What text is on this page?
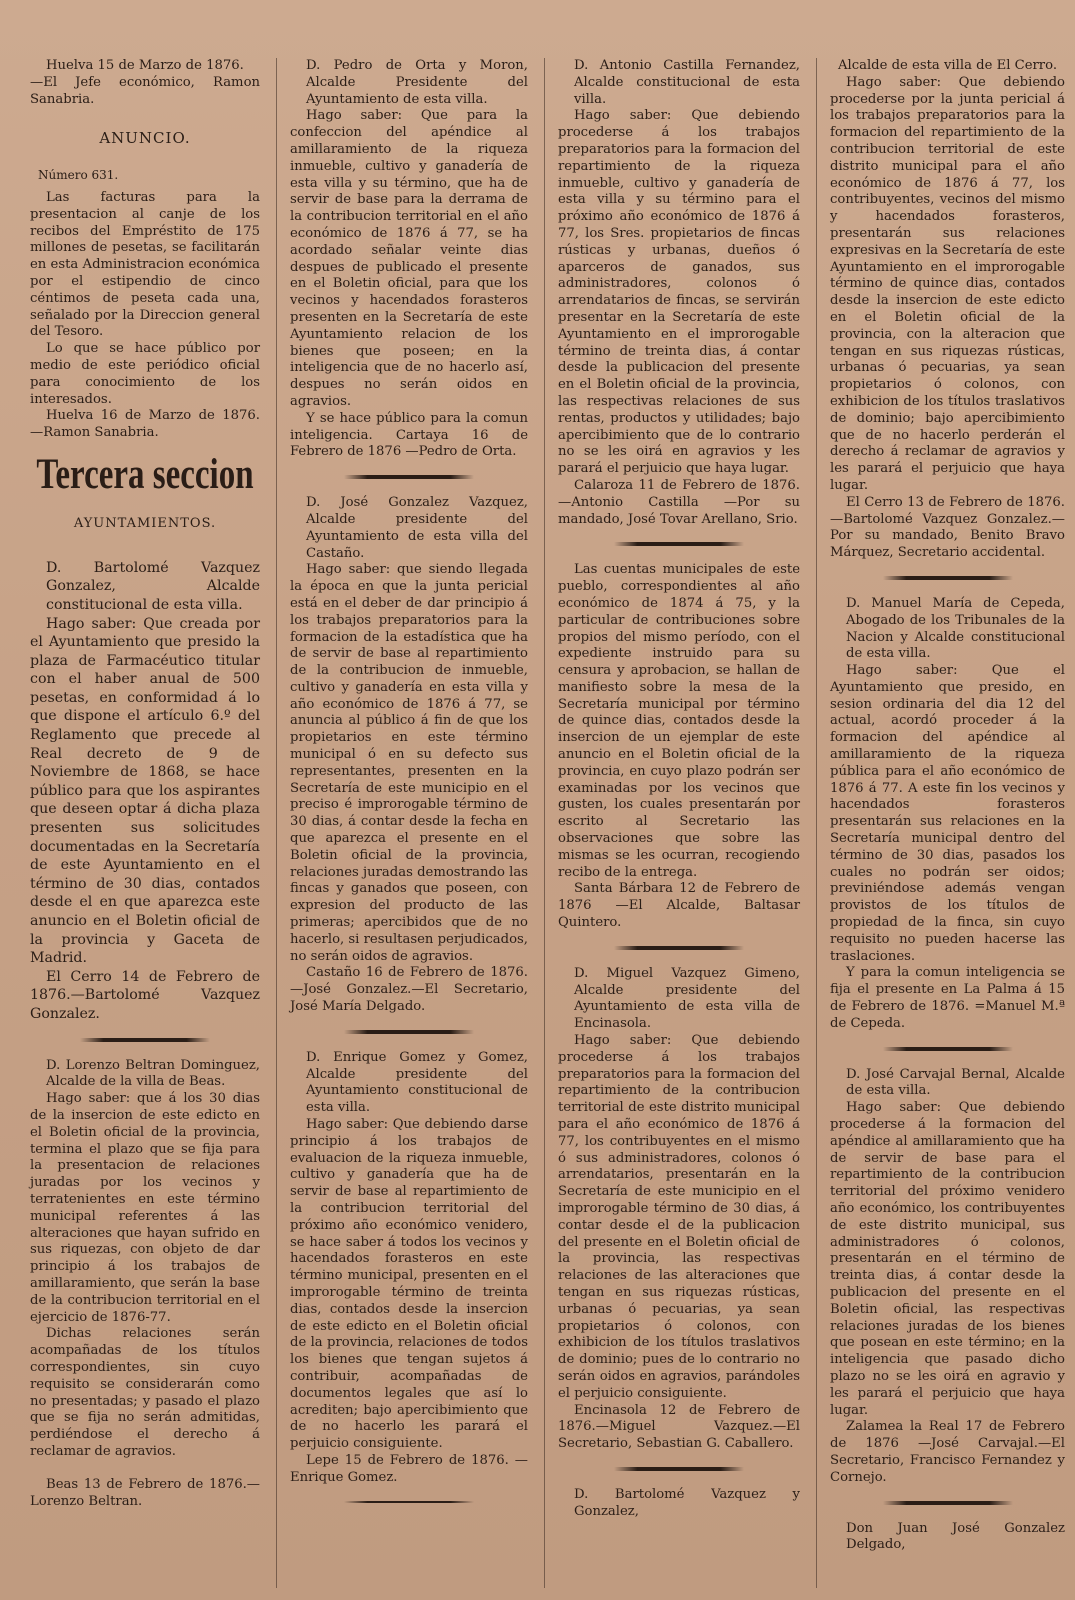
Huelva 15 de Marzo de 1876.

—El Jefe económico, Ramon Sanabria.

ANUNCIO.
Número 631.

Las facturas para la presentacion al canje de los recibos del Empréstito de 175 millones de pesetas, se facilitarán en esta Administracion económica por el estipendio de cinco céntimos de peseta cada una, señalado por la Direccion general del Tesoro.

Lo que se hace público por medio de este periódico oficial para conocimiento de los interesados.

Huelva 16 de Marzo de 1876. —Ramon Sanabria.

Tercera seccion
AYUNTAMIENTOS.

D. Bartolomé Vazquez Gonzalez, Alcalde constitucional de esta villa.

Hago saber: Que creada por el Ayuntamiento que presido la plaza de Farmacéutico titular con el haber anual de 500 pesetas, en conformidad á lo que dispone el artículo 6.º del Reglamento que precede al Real decreto de 9 de Noviembre de 1868, se hace público para que los aspirantes que deseen optar á dicha plaza presenten sus solicitudes documentadas en la Secretaría de este Ayuntamiento en el término de 30 dias, contados desde el en que aparezca este anuncio en el Boletin oficial de la provincia y Gaceta de Madrid.

El Cerro 14 de Febrero de 1876.—Bartolomé Vazquez Gonzalez.

D. Lorenzo Beltran Dominguez, Alcalde de la villa de Beas.

Hago saber: que á los 30 dias de la insercion de este edicto en el Boletin oficial de la provincia, termina el plazo que se fija para la presentacion de relaciones juradas por los vecinos y terratenientes en este término municipal referentes á las alteraciones que hayan sufrido en sus riquezas, con objeto de dar principio á los trabajos de amillaramiento, que serán la base de la contribucion territorial en el ejercicio de 1876-77.

Dichas relaciones serán acompañadas de los títulos correspondientes, sin cuyo requisito se considerarán como no presentadas; y pasado el plazo que se fija no serán admitidas, perdiéndose el derecho á reclamar de agravios.

Beas 13 de Febrero de 1876.— Lorenzo Beltran.

D. Pedro de Orta y Moron, Alcalde Presidente del Ayuntamiento de esta villa.

Hago saber: Que para la confeccion del apéndice al amillaramiento de la riqueza inmueble, cultivo y ganadería de esta villa y su término, que ha de servir de base para la derrama de la contribucion territorial en el año económico de 1876 á 77, se ha acordado señalar veinte dias despues de publicado el presente en el Boletin oficial, para que los vecinos y hacendados forasteros presenten en la Secretaría de este Ayuntamiento relacion de los bienes que poseen; en la inteligencia que de no hacerlo así, despues no serán oidos en agravios.

Y se hace público para la comun inteligencia. Cartaya 16 de Febrero de 1876 —Pedro de Orta.

D. José Gonzalez Vazquez, Alcalde presidente del Ayuntamiento de esta villa del Castaño.

Hago saber: que siendo llegada la época en que la junta pericial está en el deber de dar principio á los trabajos preparatorios para la formacion de la estadística que ha de servir de base al repartimiento de la contribucion de inmueble, cultivo y ganadería en esta villa y año económico de 1876 á 77, se anuncia al público á fin de que los propietarios en este término municipal ó en su defecto sus representantes, presenten en la Secretaría de este municipio en el preciso é improrogable término de 30 dias, á contar desde la fecha en que aparezca el presente en el Boletin oficial de la provincia, relaciones juradas demostrando las fincas y ganados que poseen, con expresion del producto de las primeras; apercibidos que de no hacerlo, si resultasen perjudicados, no serán oidos de agravios.

Castaño 16 de Febrero de 1876. —José Gonzalez.—El Secretario, José María Delgado.

D. Enrique Gomez y Gomez, Alcalde presidente del Ayuntamiento constitucional de esta villa.

Hago saber: Que debiendo darse principio á los trabajos de evaluacion de la riqueza inmueble, cultivo y ganadería que ha de servir de base al repartimiento de la contribucion territorial del próximo año económico venidero, se hace saber á todos los vecinos y hacendados forasteros en este término municipal, presenten en el improrogable término de treinta dias, contados desde la insercion de este edicto en el Boletin oficial de la provincia, relaciones de todos los bienes que tengan sujetos á contribuir, acompañadas de documentos legales que así lo acrediten; bajo apercibimiento que de no hacerlo les parará el perjuicio consiguiente.

Lepe 15 de Febrero de 1876. — Enrique Gomez.

D. Antonio Castilla Fernandez, Alcalde constitucional de esta villa.

Hago saber: Que debiendo procederse á los trabajos preparatorios para la formacion del repartimiento de la riqueza inmueble, cultivo y ganadería de esta villa y su término para el próximo año económico de 1876 á 77, los Sres. propietarios de fincas rústicas y urbanas, dueños ó aparceros de ganados, sus administradores, colonos ó arrendatarios de fincas, se servirán presentar en la Secretaría de este Ayuntamiento en el improrogable término de treinta dias, á contar desde la publicacion del presente en el Boletin oficial de la provincia, las respectivas relaciones de sus rentas, productos y utilidades; bajo apercibimiento que de lo contrario no se les oirá en agravios y les parará el perjuicio que haya lugar.

Calaroza 11 de Febrero de 1876. —Antonio Castilla —Por su mandado, José Tovar Arellano, Srio.

Las cuentas municipales de este pueblo, correspondientes al año económico de 1874 á 75, y la particular de contribuciones sobre propios del mismo período, con el expediente instruido para su censura y aprobacion, se hallan de manifiesto sobre la mesa de la Secretaría municipal por término de quince dias, contados desde la insercion de un ejemplar de este anuncio en el Boletin oficial de la provincia, en cuyo plazo podrán ser examinadas por los vecinos que gusten, los cuales presentarán por escrito al Secretario las observaciones que sobre las mismas se les ocurran, recogiendo recibo de la entrega.

Santa Bárbara 12 de Febrero de 1876 —El Alcalde, Baltasar Quintero.

D. Miguel Vazquez Gimeno, Alcalde presidente del Ayuntamiento de esta villa de Encinasola.

Hago saber: Que debiendo procederse á los trabajos preparatorios para la formacion del repartimiento de la contribucion territorial de este distrito municipal para el año económico de 1876 á 77, los contribuyentes en el mismo ó sus administradores, colonos ó arrendatarios, presentarán en la Secretaría de este municipio en el improrogable término de 30 dias, á contar desde el de la publicacion del presente en el Boletin oficial de la provincia, las respectivas relaciones de las alteraciones que tengan en sus riquezas rústicas, urbanas ó pecuarias, ya sean propietarios ó colonos, con exhibicion de los títulos traslativos de dominio; pues de lo contrario no serán oidos en agravios, parándoles el perjuicio consiguiente.

Encinasola 12 de Febrero de 1876.—Miguel Vazquez.—El Secretario, Sebastian G. Caballero.

D. Bartolomé Vazquez y Gonzalez,

Alcalde de esta villa de El Cerro.

Hago saber: Que debiendo procederse por la junta pericial á los trabajos preparatorios para la formacion del repartimiento de la contribucion territorial de este distrito municipal para el año económico de 1876 á 77, los contribuyentes, vecinos del mismo y hacendados forasteros, presentarán sus relaciones expresivas en la Secretaría de este Ayuntamiento en el improrogable término de quince dias, contados desde la insercion de este edicto en el Boletin oficial de la provincia, con la alteracion que tengan en sus riquezas rústicas, urbanas ó pecuarias, ya sean propietarios ó colonos, con exhibicion de los títulos traslativos de dominio; bajo apercibimiento que de no hacerlo perderán el derecho á reclamar de agravios y les parará el perjuicio que haya lugar.

El Cerro 13 de Febrero de 1876. —Bartolomé Vazquez Gonzalez.— Por su mandado, Benito Bravo Márquez, Secretario accidental.

D. Manuel María de Cepeda, Abogado de los Tribunales de la Nacion y Alcalde constitucional de esta villa.

Hago saber: Que el Ayuntamiento que presido, en sesion ordinaria del dia 12 del actual, acordó proceder á la formacion del apéndice al amillaramiento de la riqueza pública para el año económico de 1876 á 77. A este fin los vecinos y hacendados forasteros presentarán sus relaciones en la Secretaría municipal dentro del término de 30 dias, pasados los cuales no podrán ser oidos; previniéndose además vengan provistos de los títulos de propiedad de la finca, sin cuyo requisito no pueden hacerse las traslaciones.

Y para la comun inteligencia se fija el presente en La Palma á 15 de Febrero de 1876. =Manuel M.ª de Cepeda.

D. José Carvajal Bernal, Alcalde de esta villa.

Hago saber: Que debiendo procederse á la formacion del apéndice al amillaramiento que ha de servir de base para el repartimiento de la contribucion territorial del próximo venidero año económico, los contribuyentes de este distrito municipal, sus administradores ó colonos, presentarán en el término de treinta dias, á contar desde la publicacion del presente en el Boletin oficial, las respectivas relaciones juradas de los bienes que posean en este término; en la inteligencia que pasado dicho plazo no se les oirá en agravio y les parará el perjuicio que haya lugar.

Zalamea la Real 17 de Febrero de 1876 —José Carvajal.—El Secretario, Francisco Fernandez y Cornejo.

Don Juan José Gonzalez Delgado,
